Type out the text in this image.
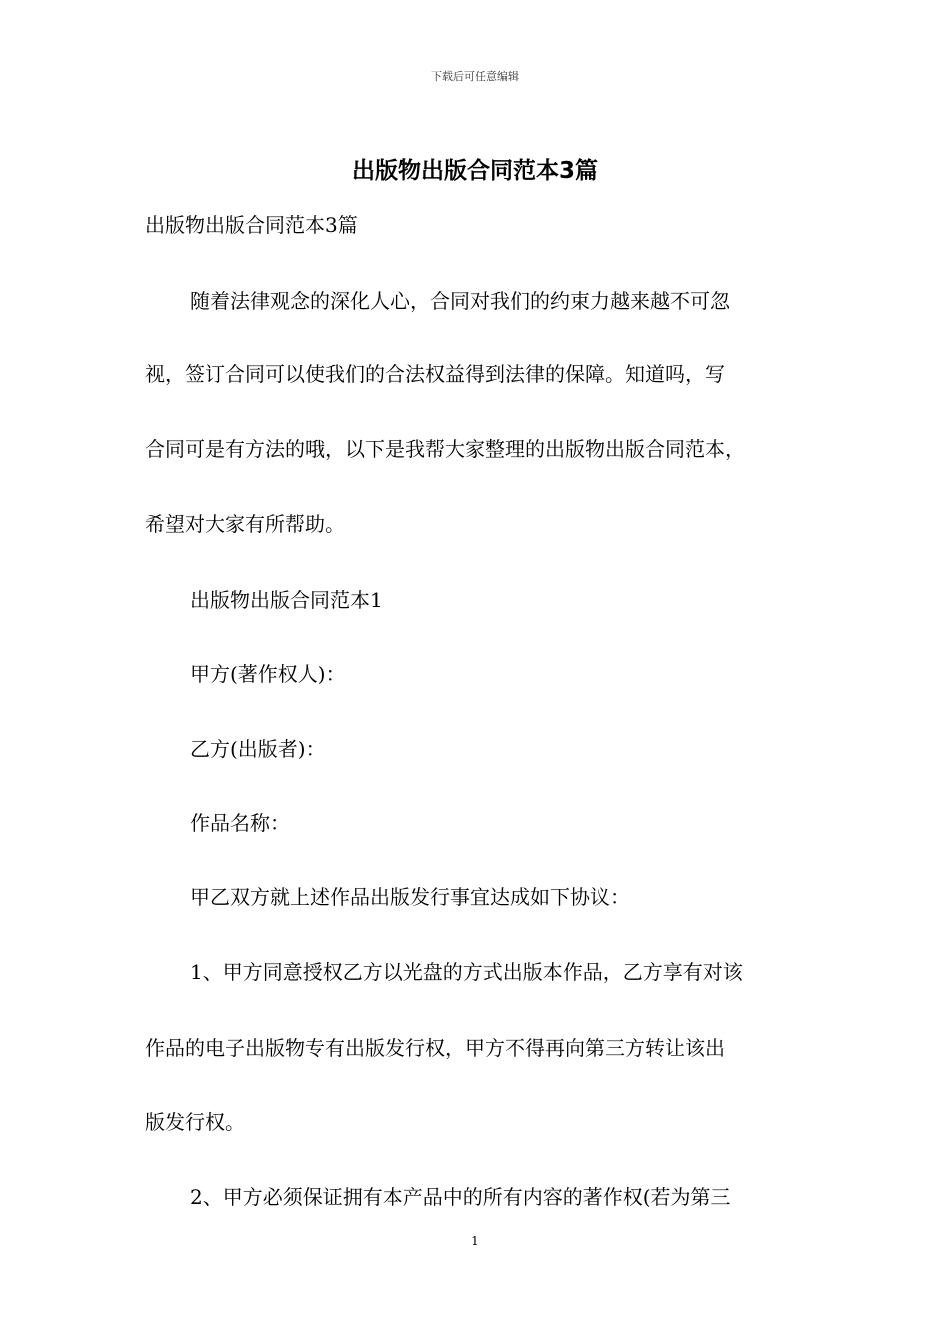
下载后可任意编辑
出版物出版合同范本3篇
出版物出版合同范本3篇
随着法律观念的深化人心，合同对我们的约束力越来越不可忽
视，签订合同可以使我们的合法权益得到法律的保障。知道吗，写
合同可是有方法的哦，以下是我帮大家整理的出版物出版合同范本，
希望对大家有所帮助。
出版物出版合同范本1
甲方(著作权人)：
乙方(出版者)：
作品名称：
甲乙双方就上述作品出版发行事宜达成如下协议：
1、甲方同意授权乙方以光盘的方式出版本作品，乙方享有对该
作品的电子出版物专有出版发行权，甲方不得再向第三方转让该出
版发行权。
2、甲方必须保证拥有本产品中的所有内容的著作权(若为第三
1
